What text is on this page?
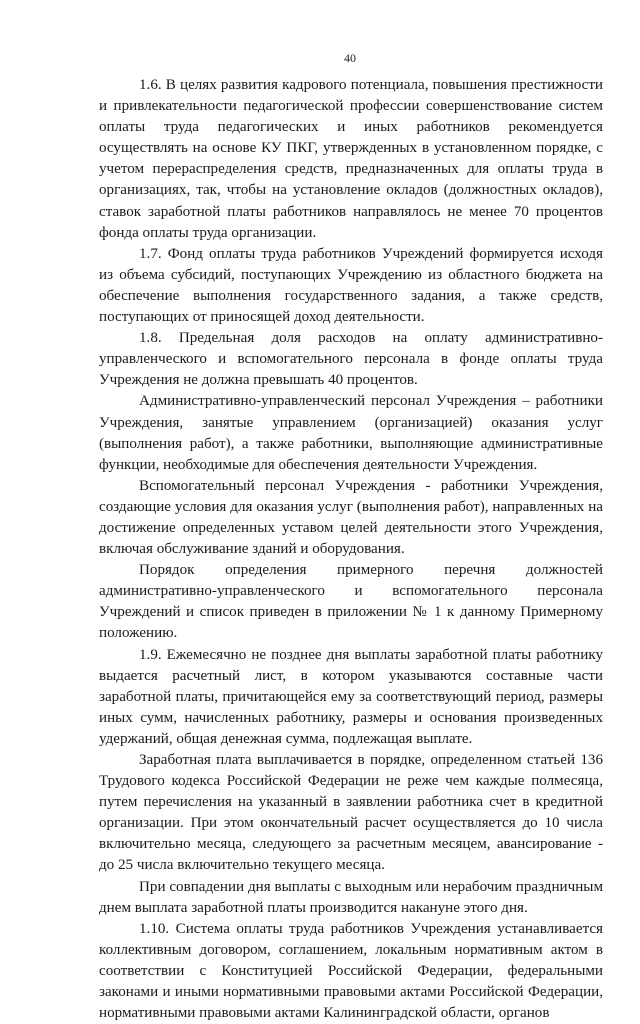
40

1.6. В целях развития кадрового потенциала, повышения престижности и привлекательности педагогической профессии совершенствование систем оплаты труда педагогических и иных работников рекомендуется осуществлять на основе КУ ПКГ, утвержденных в установленном порядке, с учетом перераспределения средств, предназначенных для оплаты труда в организациях, так, чтобы на установление окладов (должностных окладов), ставок заработной платы работников направлялось не менее 70 процентов фонда оплаты труда организации.

1.7. Фонд оплаты труда работников Учреждений формируется исходя из объема субсидий, поступающих Учреждению из областного бюджета на обеспечение выполнения государственного задания, а также средств, поступающих от приносящей доход деятельности.

1.8. Предельная доля расходов на оплату административно-управленческого и вспомогательного персонала в фонде оплаты труда Учреждения не должна превышать 40 процентов.

Административно-управленческий персонал Учреждения – работники Учреждения, занятые управлением (организацией) оказания услуг (выполнения работ), а также работники, выполняющие административные функции, необходимые для обеспечения деятельности Учреждения.

Вспомогательный персонал Учреждения - работники Учреждения, создающие условия для оказания услуг (выполнения работ), направленных на достижение определенных уставом целей деятельности этого Учреждения, включая обслуживание зданий и оборудования.

Порядок определения примерного перечня должностей административно-управленческого и вспомогательного персонала Учреждений и список приведен в приложении № 1 к данному Примерному положению.

1.9. Ежемесячно не позднее дня выплаты заработной платы работнику выдается расчетный лист, в котором указываются составные части заработной платы, причитающейся ему за соответствующий период, размеры иных сумм, начисленных работнику, размеры и основания произведенных удержаний, общая денежная сумма, подлежащая выплате.

Заработная плата выплачивается в порядке, определенном статьей 136 Трудового кодекса Российской Федерации не реже чем каждые полмесяца, путем перечисления на указанный в заявлении работника счет в кредитной организации. При этом окончательный расчет осуществляется до 10 числа включительно месяца, следующего за расчетным месяцем, авансирование - до 25 числа включительно текущего месяца.

При совпадении дня выплаты с выходным или нерабочим праздничным днем выплата заработной платы производится накануне этого дня.

1.10. Система оплаты труда работников Учреждения устанавливается коллективным договором, соглашением, локальным нормативным актом в соответствии с Конституцией Российской Федерации, федеральными законами и иными нормативными правовыми актами Российской Федерации, нормативными правовыми актами Калининградской области, органов
